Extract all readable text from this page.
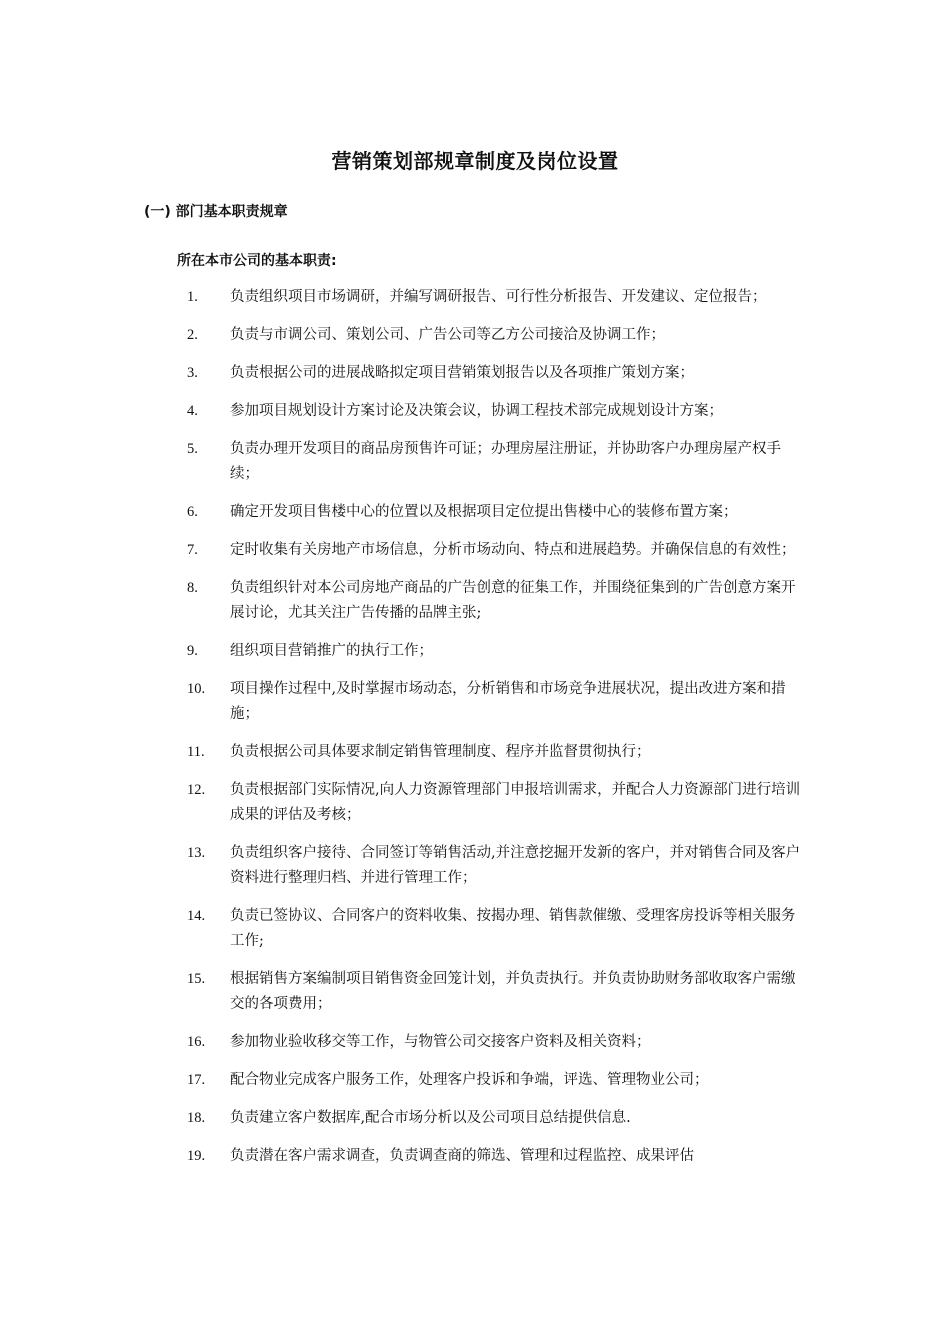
营销策划部规章制度及岗位设置
(一) 部门基本职责规章
所在本市公司的基本职责:
1.	负责组织项目市场调研，并编写调研报告、可行性分析报告、开发建议、定位报告；
2.	负责与市调公司、策划公司、广告公司等乙方公司接洽及协调工作；
3.	负责根据公司的进展战略拟定项目营销策划报告以及各项推广策划方案；
4.	参加项目规划设计方案讨论及决策会议，协调工程技术部完成规划设计方案；
5.	负责办理开发项目的商品房预售许可证；办理房屋注册证，并协助客户办理房屋产权手续；
6.	确定开发项目售楼中心的位置以及根据项目定位提出售楼中心的装修布置方案；
7.	定时收集有关房地产市场信息，分析市场动向、特点和进展趋势。并确保信息的有效性；
8.	负责组织针对本公司房地产商品的广告创意的征集工作，并围绕征集到的广告创意方案开展讨论，尤其关注广告传播的品牌主张;
9.	组织项目营销推广的执行工作；
10.	项目操作过程中,及时掌握市场动态，分析销售和市场竞争进展状况，提出改进方案和措施；
11.	负责根据公司具体要求制定销售管理制度、程序并监督贯彻执行；
12.	负责根据部门实际情况,向人力资源管理部门申报培训需求，并配合人力资源部门进行培训成果的评估及考核；
13.	负责组织客户接待、合同签订等销售活动,并注意挖掘开发新的客户，并对销售合同及客户资料进行整理归档、并进行管理工作；
14.	负责已签协议、合同客户的资料收集、按揭办理、销售款催缴、受理客房投诉等相关服务工作;
15.	根据销售方案编制项目销售资金回笼计划，并负责执行。并负责协助财务部收取客户需缴交的各项费用；
16.	参加物业验收移交等工作，与物管公司交接客户资料及相关资料；
17.	配合物业完成客户服务工作，处理客户投诉和争端，评选、管理物业公司；
18.	负责建立客户数据库,配合市场分析以及公司项目总结提供信息.
19.	负责潜在客户需求调查，负责调查商的筛选、管理和过程监控、成果评估
